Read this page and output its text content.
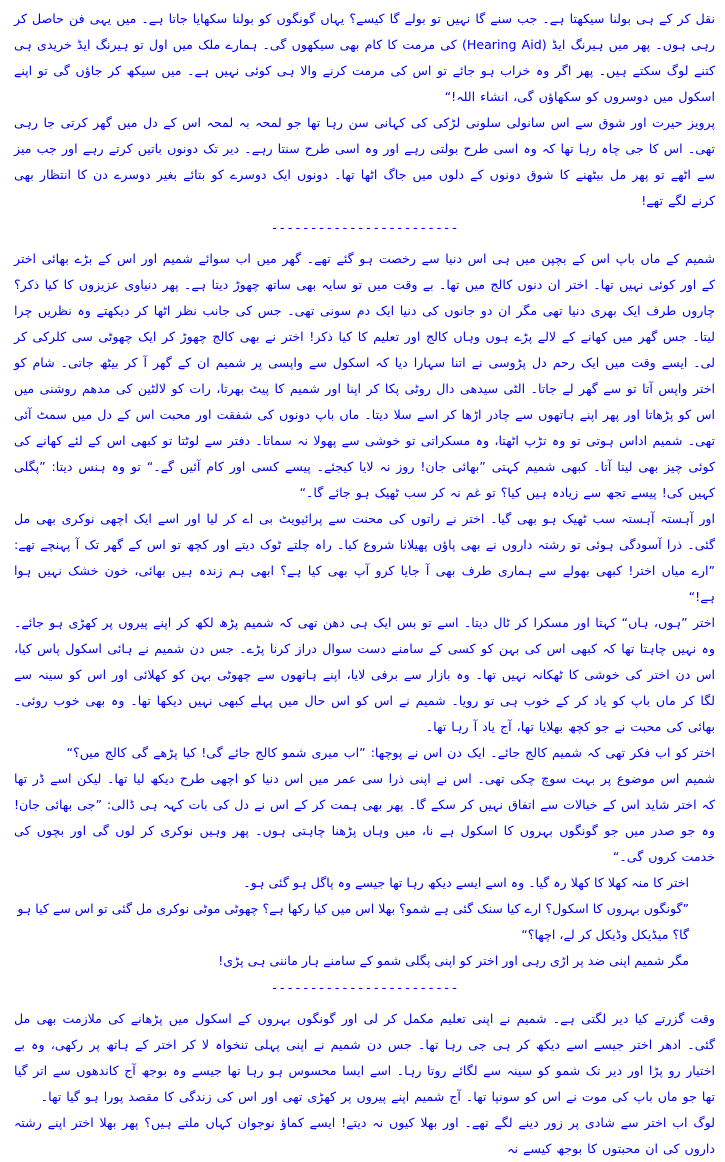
نقل کر کے ہی بولنا سیکھتا ہے۔ جب سنے گا نہیں تو بولے گا کیسے؟ یہاں گونگوں کو بولنا سکھایا جاتا ہے۔ میں یہی فن حاصل کر رہی ہوں۔ پھر میں ہیرنگ ایڈ (Hearing Aid) کی مرمت کا کام بھی سیکھوں گی۔ ہمارے ملک میں اول تو ہیرنگ ایڈ خریدی ہی کتنے لوگ سکتے ہیں۔ پھر اگر وہ خراب ہو جائے تو اس کی مرمت کرنے والا ہی کوئی نہیں ہے۔ میں سیکھ کر جاؤں گی تو اپنے اسکول میں دوسروں کو سکھاؤں گی، انشاء اللہ!“

پرویز حیرت اور شوق سے اس سانولی سلونی لڑکی کی کہانی سن رہا تھا جو لمحہ بہ لمحہ اس کے دل میں گھر کرتی جا رہی تھی۔ اس کا جی چاہ رہا تھا کہ وہ اسی طرح بولتی رہے اور وہ اسی طرح سنتا رہے۔ دیر تک دونوں باتیں کرتے رہے اور جب میز سے اٹھے تو پھر مل بیٹھنے کا شوق دونوں کے دلوں میں جاگ اٹھا تھا۔ دونوں ایک دوسرے کو بتائے بغیر دوسرے دن کا انتظار بھی کرنے لگے تھے!

------------------------

شمیم کے ماں باپ اس کے بچپن میں ہی اس دنیا سے رخصت ہو گئے تھے۔ گھر میں اب سوائے شمیم اور اس کے بڑے بھائی اختر کے اور کوئی نہیں تھا۔ اختر ان دنوں کالج میں تھا۔ بے وقت میں تو سایہ بھی ساتھ چھوڑ دیتا ہے۔ پھر دنیاوی عزیزوں کا کیا ذکر؟ چاروں طرف ایک بھری دنیا تھی مگر ان دو جانوں کی دنیا ایک دم سونی تھی۔ جس کی جانب نظر اٹھا کر دیکھتے وہ نظریں چرا لیتا۔ جس گھر میں کھانے کے لالے پڑے ہوں وہاں کالج اور تعلیم کا کیا ذکر! اختر نے بھی کالج چھوڑ کر ایک چھوٹی سی کلرکی کر لی۔ ایسے وقت میں ایک رحم دل پڑوسی نے اتنا سہارا دیا کہ اسکول سے واپسی پر شمیم ان کے گھر آ کر بیٹھ جاتی۔ شام کو اختر واپس آتا تو سے گھر لے جاتا۔ الٹی سیدھی دال روٹی پکا کر اپنا اور شمیم کا پیٹ بھرتا، رات کو لالٹین کی مدھم روشنی میں اس کو پڑھاتا اور پھر اپنے ہاتھوں سے چادر اڑھا کر اسے سلا دیتا۔ ماں باپ دونوں کی شفقت اور محبت اس کے دل میں سمٹ آئی تھی۔ شمیم اداس ہوتی تو وہ تڑپ اٹھتا، وہ مسکراتی تو خوشی سے پھولا نہ سماتا۔ دفتر سے لوٹتا تو کبھی اس کے لئے کھانے کی کوئی چیز بھی لیتا آتا۔ کبھی شمیم کہتی ”بھائی جان! روز نہ لایا کیجئے۔ پیسے کسی اور کام آئیں گے۔“ تو وہ ہنس دیتا: ”پگلی کہیں کی! پیسے تجھ سے زیادہ ہیں کیا؟ تو غم نہ کر سب ٹھیک ہو جائے گا۔“

اور آہستہ آہستہ سب ٹھیک ہو بھی گیا۔ اختر نے راتوں کی محنت سے پرائیویٹ بی اے کر لیا اور اسے ایک اچھی نوکری بھی مل گئی۔ ذرا آسودگی ہوئی تو رشتہ داروں نے بھی پاؤں پھیلانا شروع کیا۔ راہ چلتے ٹوک دیتے اور کچھ تو اس کے گھر تک آ پہنچے تھے: ”ارے میاں اختر! کبھی بھولے سے ہماری طرف بھی آ جایا کرو آپ بھی کیا ہے؟ ابھی ہم زندہ ہیں بھائی، خون خشک نہیں ہوا ہے!“

اختر ”ہوں، ہاں“ کہتا اور مسکرا کر ٹال دیتا۔ اسے تو بس ایک ہی دھن تھی کہ شمیم پڑھ لکھ کر اپنے پیروں پر کھڑی ہو جائے۔ وہ نہیں چاہتا تھا کہ کبھی اس کی بہن کو کسی کے سامنے دست سوال دراز کرنا پڑے۔ جس دن شمیم نے ہائی اسکول پاس کیا، اس دن اختر کی خوشی کا ٹھکانہ نہیں تھا۔ وہ بازار سے برفی لایا، اپنے ہاتھوں سے چھوٹی بہن کو کھلائی اور اس کو سینہ سے لگا کر ماں باپ کو یاد کر کے خوب ہی تو رویا۔ شمیم نے اس کو اس حال میں پہلے کبھی نہیں دیکھا تھا۔ وہ بھی خوب روئی۔ بھائی کی محبت نے جو کچھ بھلایا تھا، آج یاد آ رہا تھا۔

اختر کو اب فکر تھی کہ شمیم کالج جائے۔ ایک دن اس نے پوچھا: ”اب میری شمو کالج جائے گی! کیا پڑھے گی کالج میں؟“

شمیم اس موضوع پر بہت سوچ چکی تھی۔ اس نے اپنی ذرا سی عمر میں اس دنیا کو اچھی طرح دیکھ لیا تھا۔ لیکن اسے ڈر تھا کہ اختر شاید اس کے خیالات سے اتفاق نہیں کر سکے گا۔ پھر بھی ہمت کر کے اس نے دل کی بات کہہ ہی ڈالی: ”جی بھائی جان! وہ جو صدر میں جو گونگوں بہروں کا اسکول ہے نا، میں وہاں پڑھنا چاہتی ہوں۔ پھر وہیں نوکری کر لوں گی اور بچوں کی خدمت کروں گی۔“

اختر کا منہ کھلا کا کھلا رہ گیا۔ وہ اسے ایسے دیکھ رہا تھا جیسے وہ پاگل ہو گئی ہو۔

”گونگوں بہروں کا اسکول؟ ارے کیا سنک گئی ہے شمو؟ بھلا اس میں کیا رکھا ہے؟ چھوٹی موٹی نوکری مل گئی تو اس سے کیا ہو گا؟ میڈیکل وڈیکل کر لے، اچھا؟“

مگر شمیم اپنی ضد پر اڑی رہی اور اختر کو اپنی پگلی شمو کے سامنے ہار ماننی ہی پڑی!

------------------------

وقت گزرتے کیا دیر لگتی ہے۔ شمیم نے اپنی تعلیم مکمل کر لی اور گونگوں بہروں کے اسکول میں پڑھانے کی ملازمت بھی مل گئی۔ ادھر اختر جیسے اسے دیکھ کر ہی جی رہا تھا۔ جس دن شمیم نے اپنی پہلی تنخواہ لا کر اختر کے ہاتھ پر رکھی، وہ بے اختیار رو پڑا اور دیر تک شمو کو سینہ سے لگائے روتا رہا۔ اسے ایسا محسوس ہو رہا تھا جیسے وہ بوجھ آج کاندھوں سے اتر گیا تھا جو ماں باپ کی موت نے اس کو سونپا تھا۔ آج شمیم اپنے پیروں پر کھڑی تھی اور اس کی زندگی کا مقصد پورا ہو گیا تھا۔

لوگ اب اختر سے شادی پر زور دینے لگے تھے۔ اور بھلا کیوں نہ دیتے! ایسے کماؤ نوجوان کہاں ملتے ہیں؟ پھر بھلا اختر اپنے رشتہ داروں کی ان محبتوں کا بوجھ کیسے نہ
